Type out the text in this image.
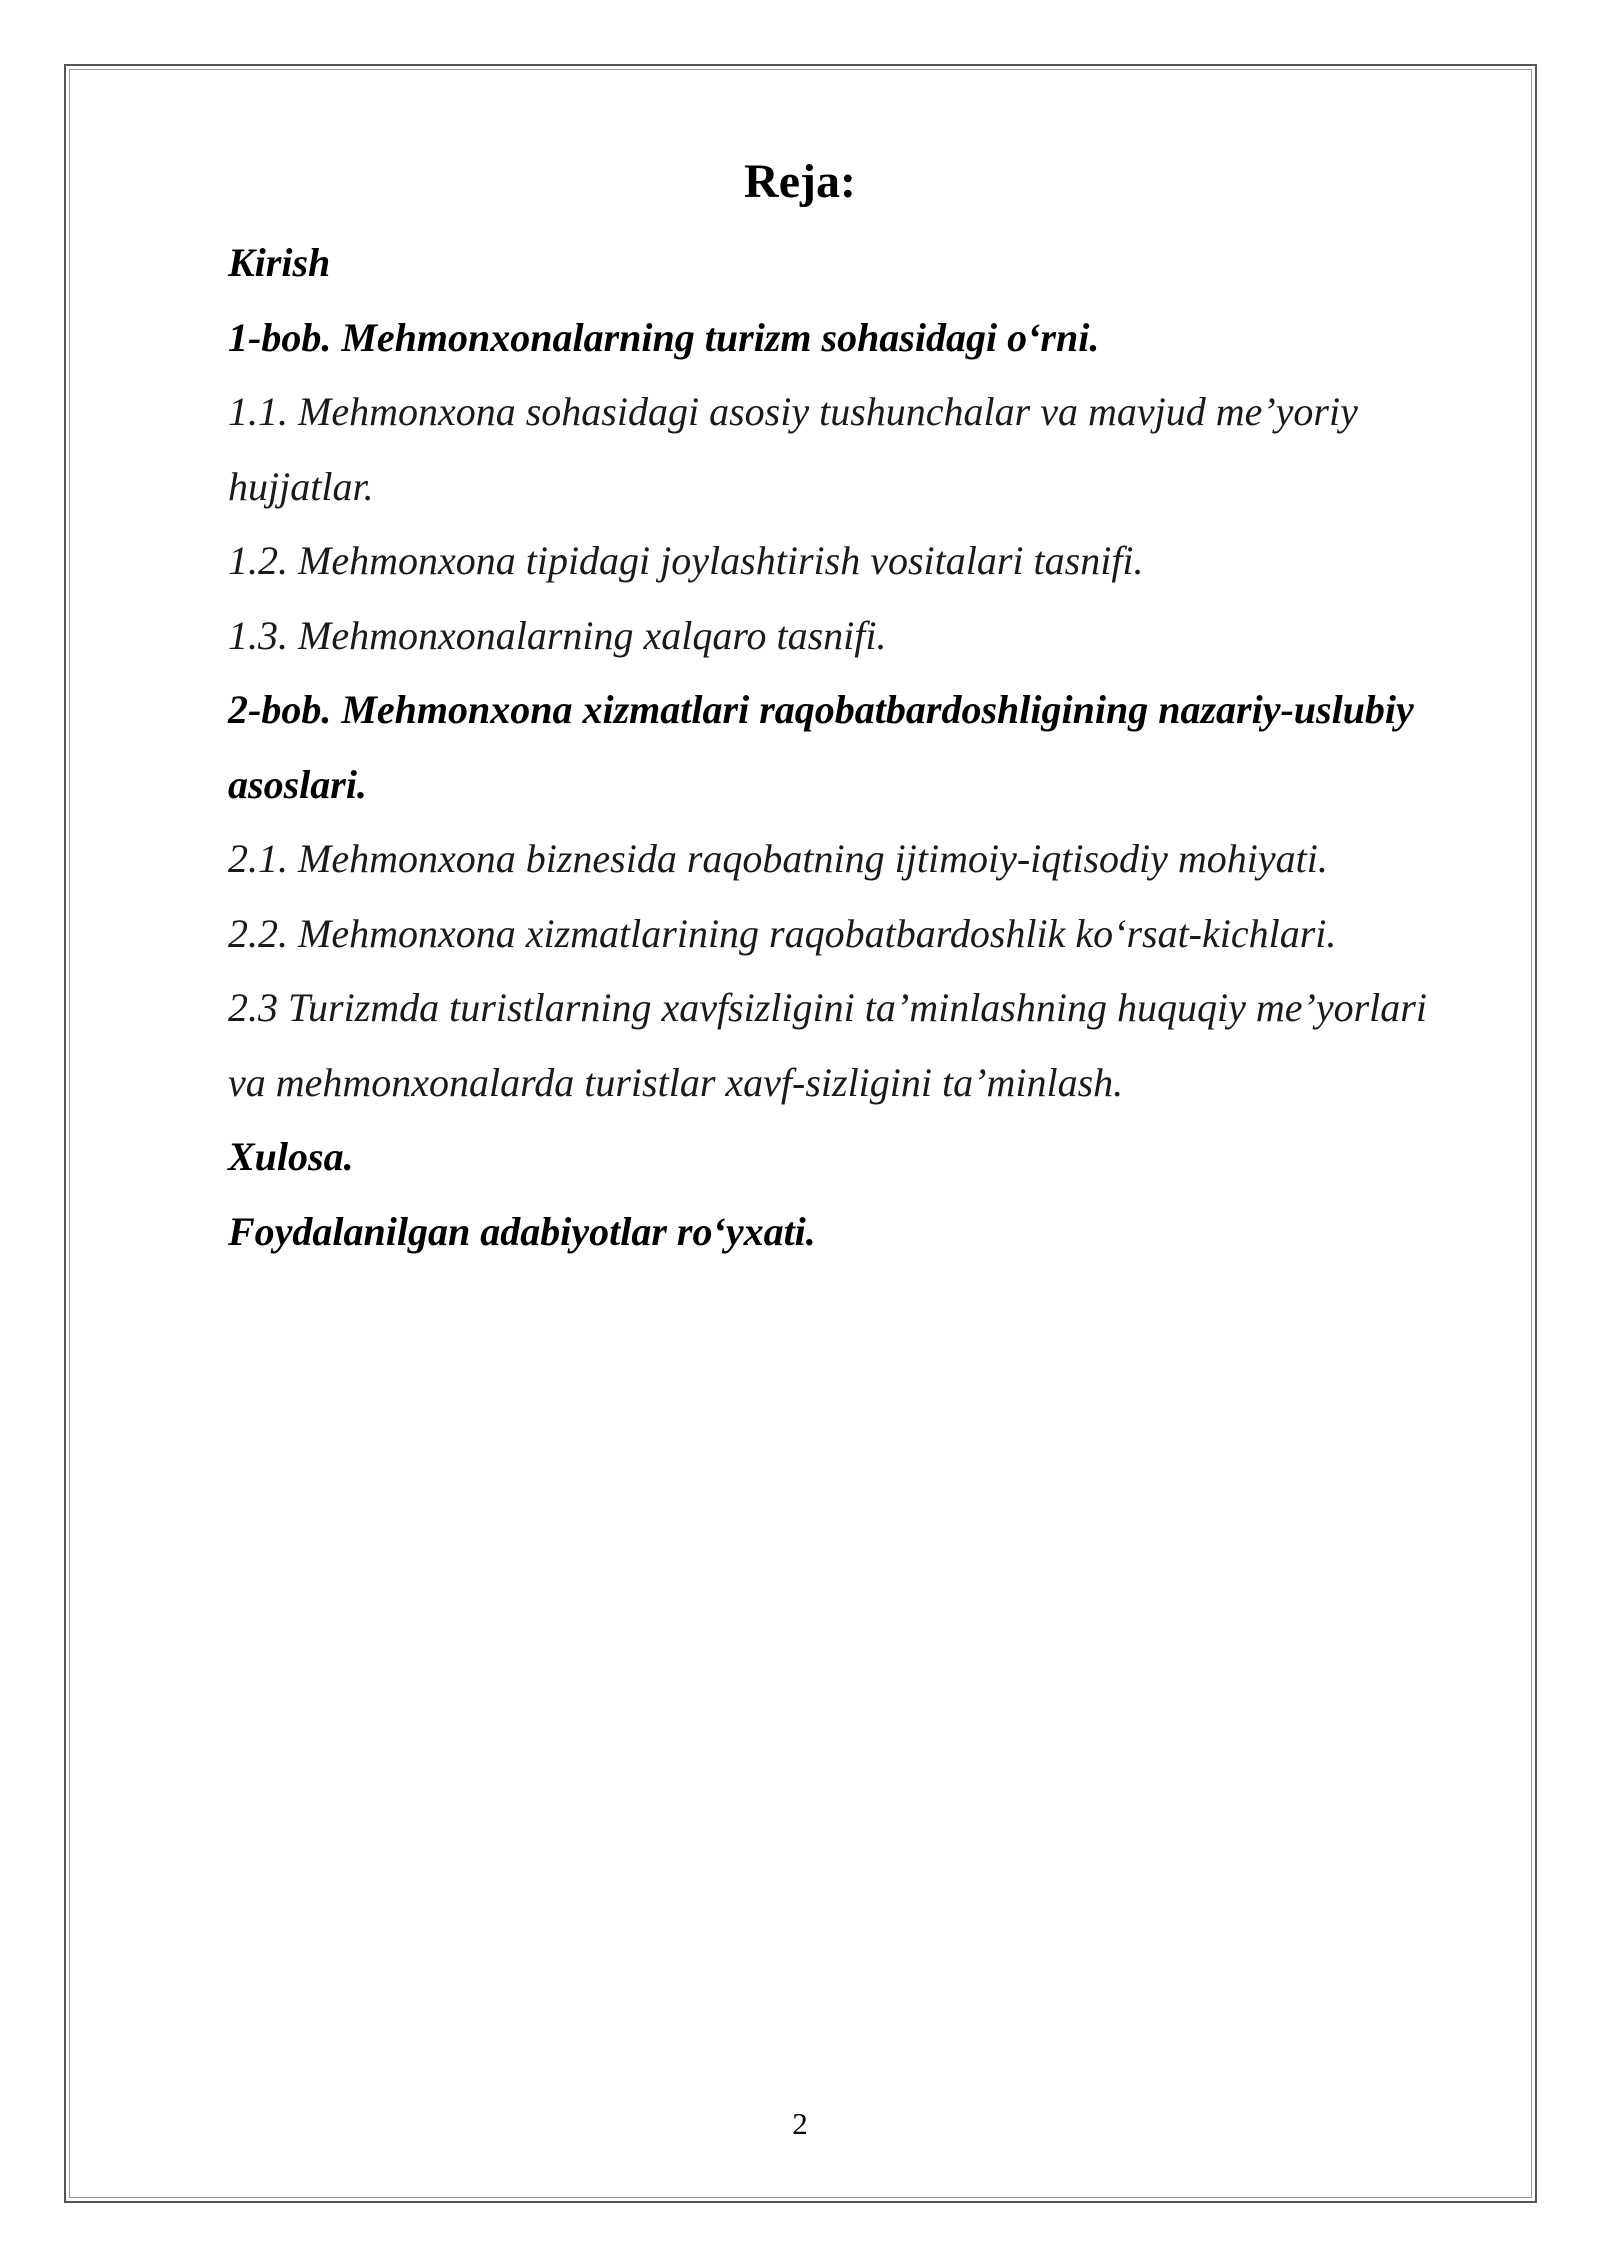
Reja:
Kirish
1-bob. Mehmonxonalarning turizm sohasidagi o‘rni.
1.1. Mehmonxona sohasidagi asosiy tushunchalar va mavjud me’yoriy hujjatlar.
1.2. Mehmonxona tipidagi joylashtirish vositalari tasnifi.
1.3. Mehmonxonalarning xalqaro tasnifi.
2-bob. Mehmonxona xizmatlari raqobatbardoshligining nazariy-uslubiy asoslari.
2.1. Mehmonxona biznesida raqobatning ijtimoiy-iqtisodiy mohiyati.
2.2. Mehmonxona xizmatlarining raqobatbardoshlik ko‘rsat-kichlari.
2.3 Turizmda turistlarning xavfsizligini ta’minlashning huquqiy me’yorlari va mehmonxonalarda turistlar xavf-sizligini ta’minlash.
Xulosa.
Foydalanilgan adabiyotlar ro‘yxati.
2
